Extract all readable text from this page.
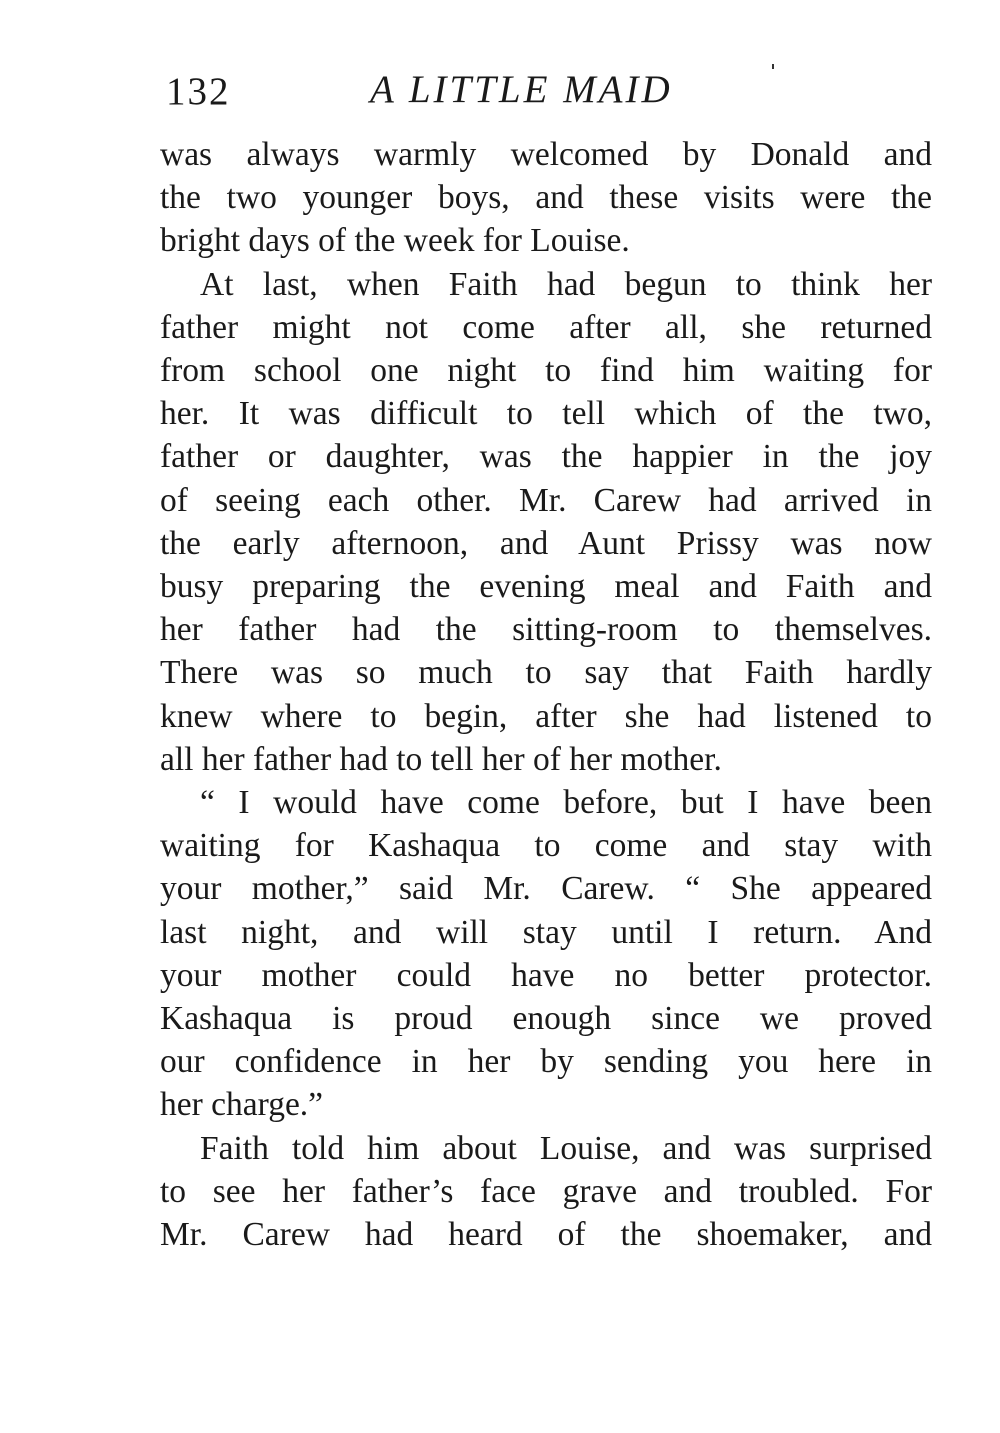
132	A LITTLE MAID

was always warmly welcomed by Donald and
the two younger boys, and these visits were the
bright days of the week for Louise.

At last, when Faith had begun to think her
father might not come after all, she returned
from school one night to find him waiting for
her. It was difficult to tell which of the two,
father or daughter, was the happier in the joy
of seeing each other. Mr. Carew had arrived in
the early afternoon, and Aunt Prissy was now
busy preparing the evening meal and Faith and
her father had the sitting-room to themselves.
There was so much to say that Faith hardly
knew where to begin, after she had listened to
all her father had to tell her of her mother.

“ I would have come before, but I have been
waiting for Kashaqua to come and stay with
your mother,” said Mr. Carew. “ She appeared
last night, and will stay until I return. And
your mother could have no better protector.
Kashaqua is proud enough since we proved
our confidence in her by sending you here in
her charge.”

Faith told him about Louise, and was surprised
to see her father’s face grave and troubled. For
Mr. Carew had heard of the shoemaker, and
